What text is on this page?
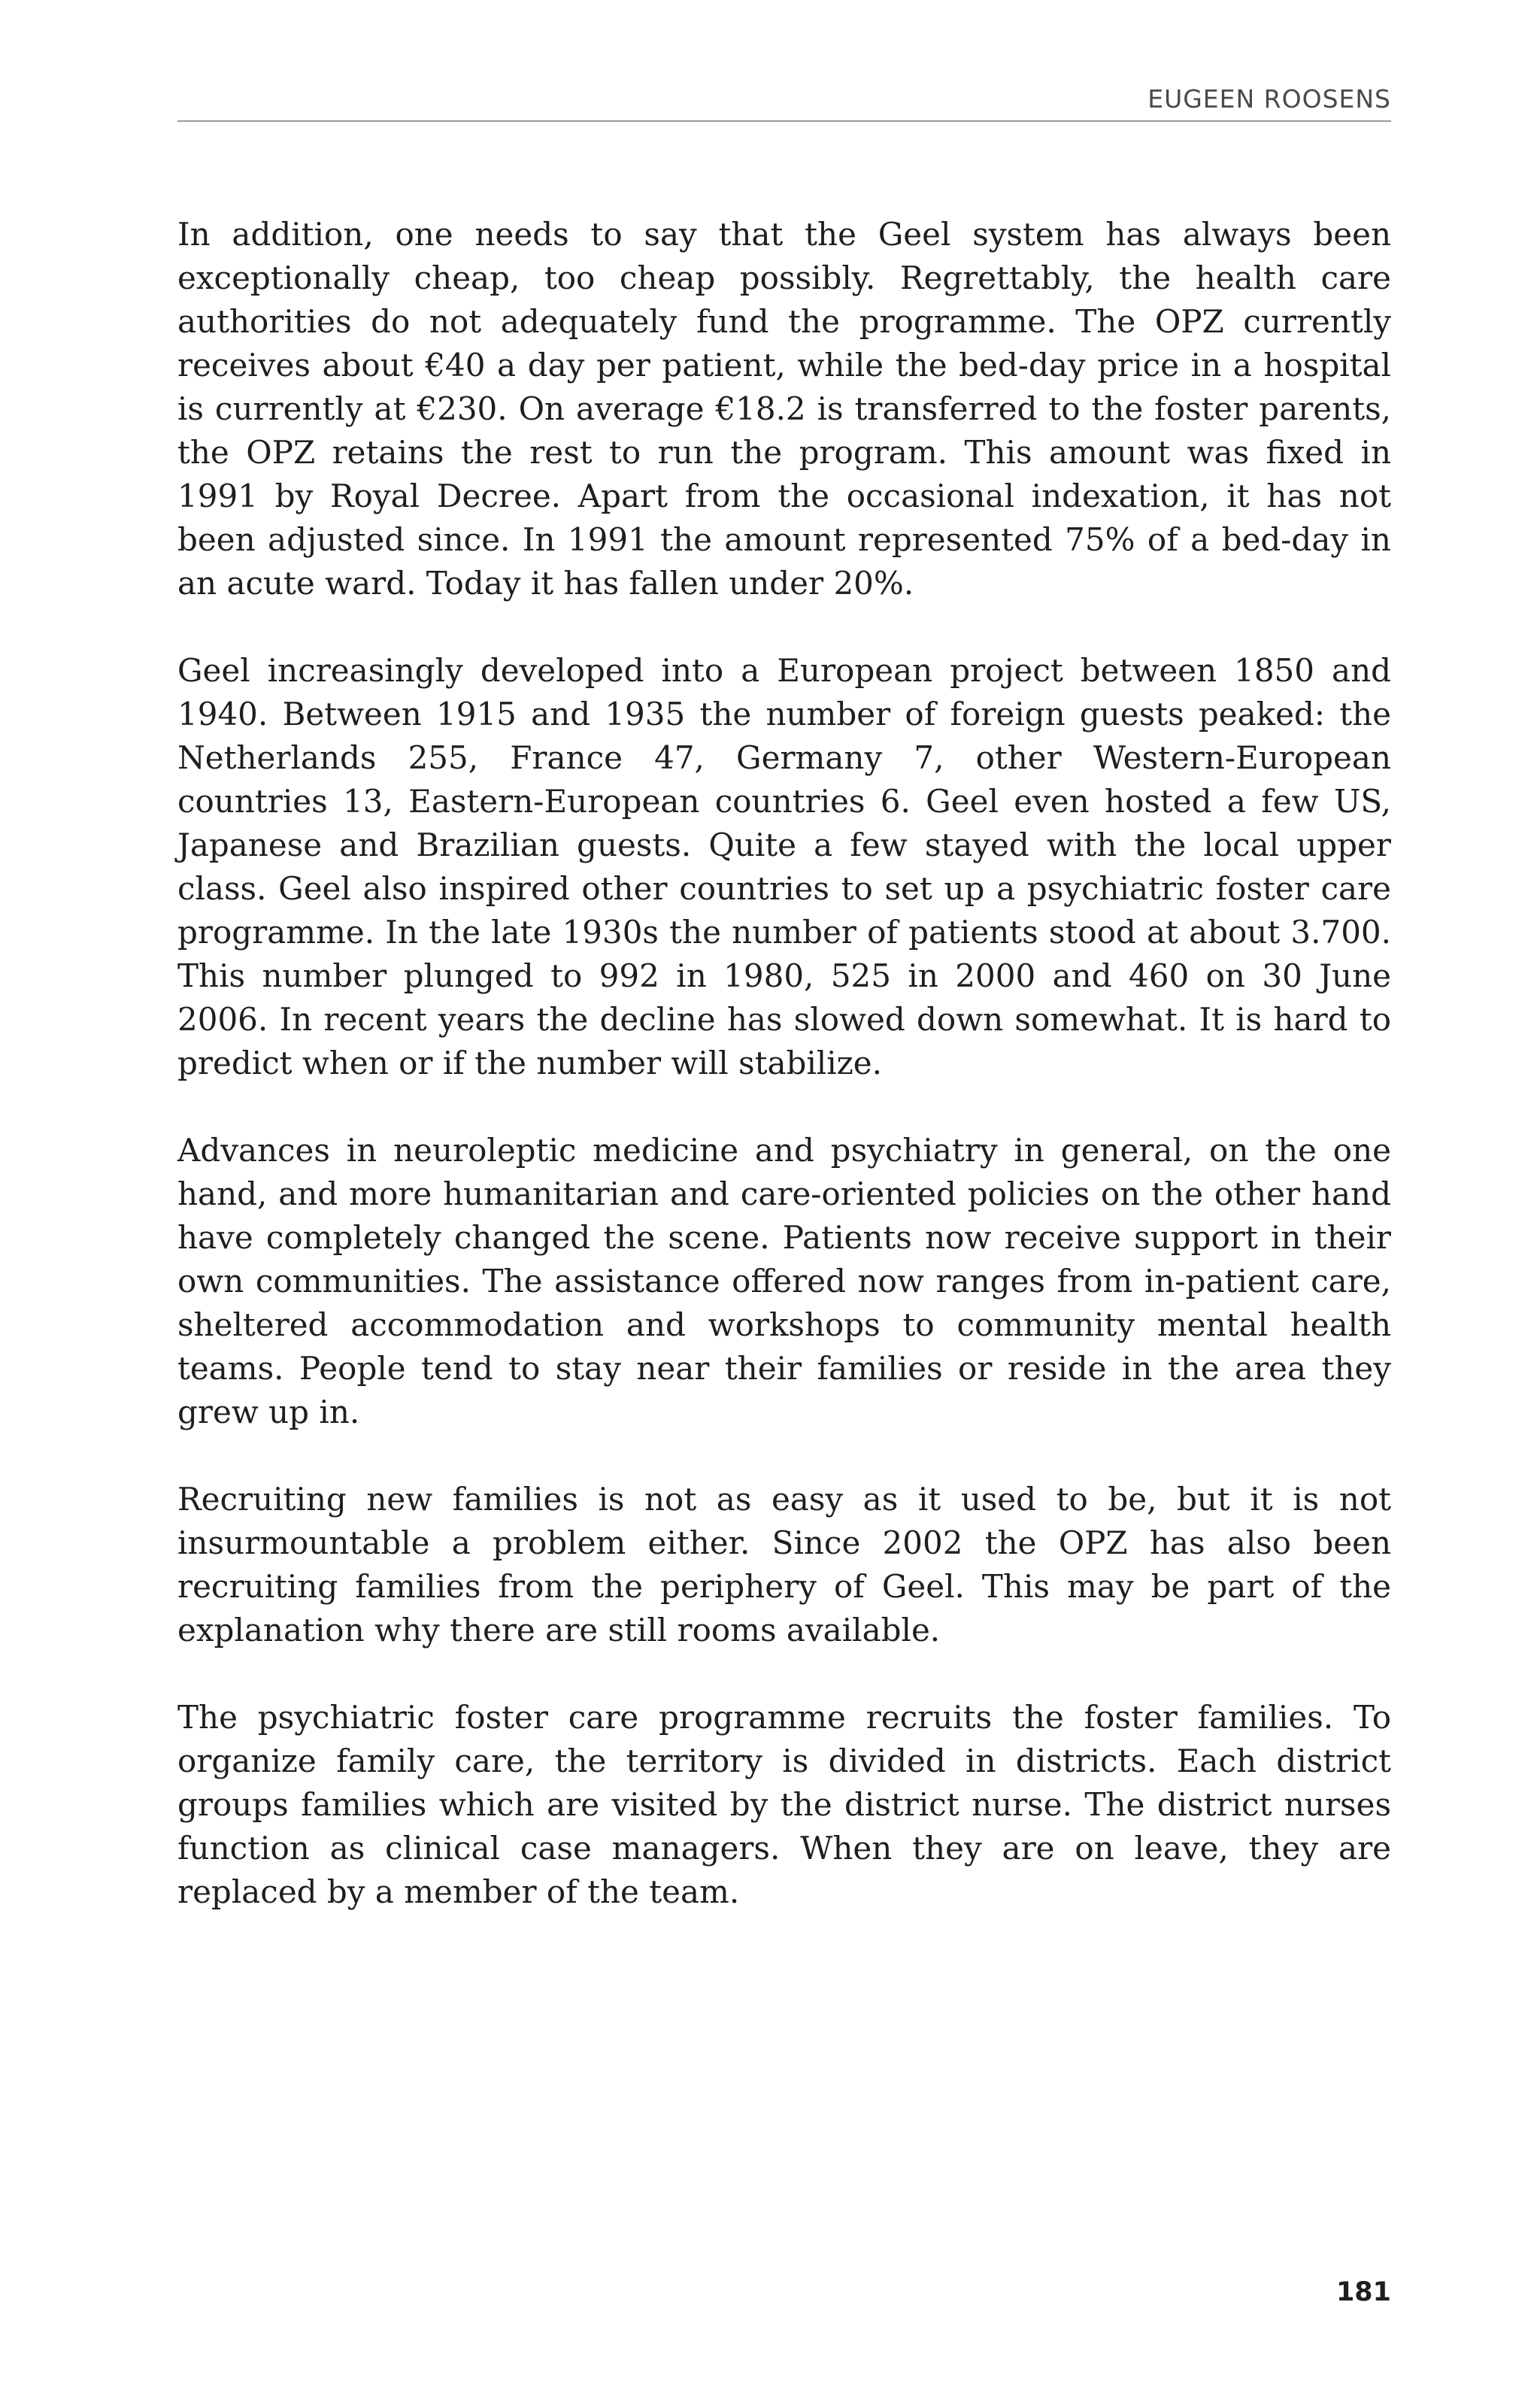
EUGEEN ROOSENS

In addition, one needs to say that the Geel system has always been exceptionally cheap, too cheap possibly. Regrettably, the health care authorities do not adequately fund the programme. The OPZ currently receives about €40 a day per patient, while the bed-day price in a hospital is currently at €230. On average €18.2 is transferred to the foster parents, the OPZ retains the rest to run the program. This amount was fixed in 1991 by Royal Decree. Apart from the occasional indexation, it has not been adjusted since. In 1991 the amount represented 75% of a bed-day in an acute ward. Today it has fallen under 20%.

Geel increasingly developed into a European project between 1850 and 1940. Between 1915 and 1935 the number of foreign guests peaked: the Netherlands 255, France 47, Germany 7, other Western-European countries 13, Eastern-European countries 6. Geel even hosted a few US, Japanese and Brazilian guests. Quite a few stayed with the local upper class. Geel also inspired other countries to set up a psychiatric foster care programme. In the late 1930s the number of patients stood at about 3.700. This number plunged to 992 in 1980, 525 in 2000 and 460 on 30 June 2006. In recent years the decline has slowed down somewhat. It is hard to predict when or if the number will stabilize.

Advances in neuroleptic medicine and psychiatry in general, on the one hand, and more humanitarian and care-oriented policies on the other hand have completely changed the scene. Patients now receive support in their own communities. The assistance offered now ranges from in-patient care, sheltered accommodation and workshops to community mental health teams. People tend to stay near their families or reside in the area they grew up in.

Recruiting new families is not as easy as it used to be, but it is not insurmountable a problem either. Since 2002 the OPZ has also been recruiting families from the periphery of Geel. This may be part of the explanation why there are still rooms available.

The psychiatric foster care programme recruits the foster families. To organize family care, the territory is divided in districts. Each district groups families which are visited by the district nurse. The district nurses function as clinical case managers. When they are on leave, they are replaced by a member of the team.

181
